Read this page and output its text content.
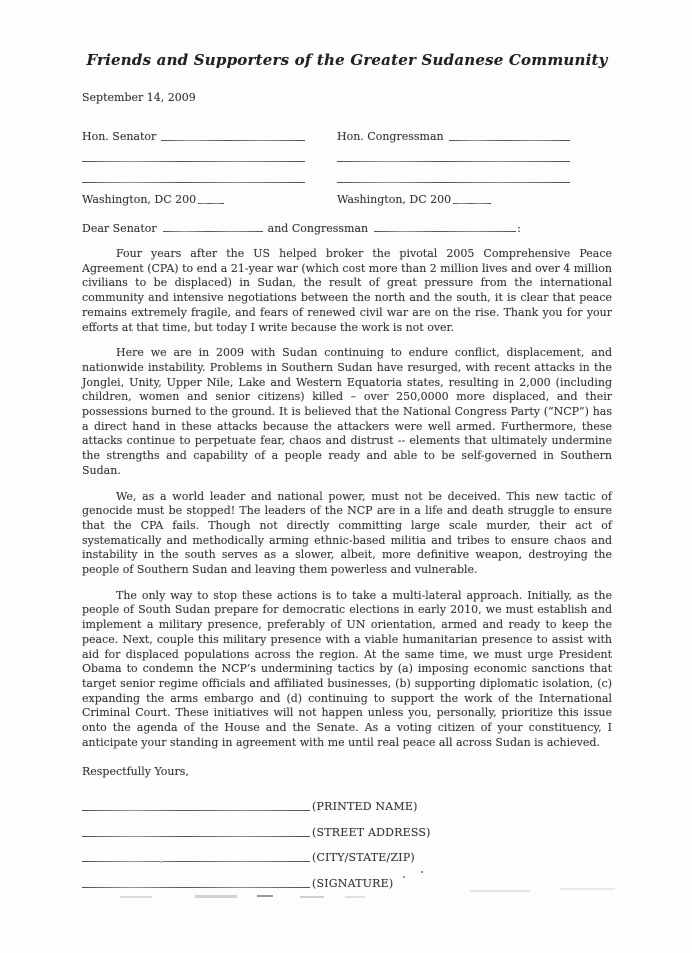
Friends and Supporters of the Greater Sudanese Community
September 14, 2009
Hon. Senator
Washington, DC 200
Hon. Congressman
Washington, DC 200
Dear Senator	and Congressman	:

Four years after the US helped broker the pivotal 2005 Comprehensive Peace Agreement (CPA) to end a 21-year war (which cost more than 2 million lives and over 4 million civilians to be displaced) in Sudan, the result of great pressure from the international community and intensive negotiations between the north and the south, it is clear that peace remains extremely fragile, and fears of renewed civil war are on the rise. Thank you for your efforts at that time, but today I write because the work is not over.

Here we are in 2009 with Sudan continuing to endure conflict, displacement, and nationwide instability. Problems in Southern Sudan have resurged, with recent attacks in the Jonglei, Unity, Upper Nile, Lake and Western Equatoria states, resulting in 2,000 (including children, women and senior citizens) killed – over 250,0000 more displaced, and their possessions burned to the ground. It is believed that the National Congress Party (“NCP”) has a direct hand in these attacks because the attackers were well armed. Furthermore, these attacks continue to perpetuate fear, chaos and distrust -- elements that ultimately undermine the strengths and capability of a people ready and able to be self-governed in Southern Sudan.

We, as a world leader and national power, must not be deceived. This new tactic of genocide must be stopped! The leaders of the NCP are in a life and death struggle to ensure that the CPA fails. Though not directly committing large scale murder, their act of systematically and methodically arming ethnic-based militia and tribes to ensure chaos and instability in the south serves as a slower, albeit, more definitive weapon, destroying the people of Southern Sudan and leaving them powerless and vulnerable.

The only way to stop these actions is to take a multi-lateral approach. Initially, as the people of South Sudan prepare for democratic elections in early 2010, we must establish and implement a military presence, preferably of UN orientation, armed and ready to keep the peace. Next, couple this military presence with a viable humanitarian presence to assist with aid for displaced populations across the region. At the same time, we must urge President Obama to condemn the NCP’s undermining tactics by (a) imposing economic sanctions that target senior regime officials and affiliated businesses, (b) supporting diplomatic isolation, (c) expanding the arms embargo and (d) continuing to support the work of the International Criminal Court. These initiatives will not happen unless you, personally, prioritize this issue onto the agenda of the House and the Senate. As a voting citizen of your constituency, I anticipate your standing in agreement with me until real peace all across Sudan is achieved.

Respectfully Yours,
(PRINTED NAME)
(STREET ADDRESS)
(CITY/STATE/ZIP)
(SIGNATURE)
